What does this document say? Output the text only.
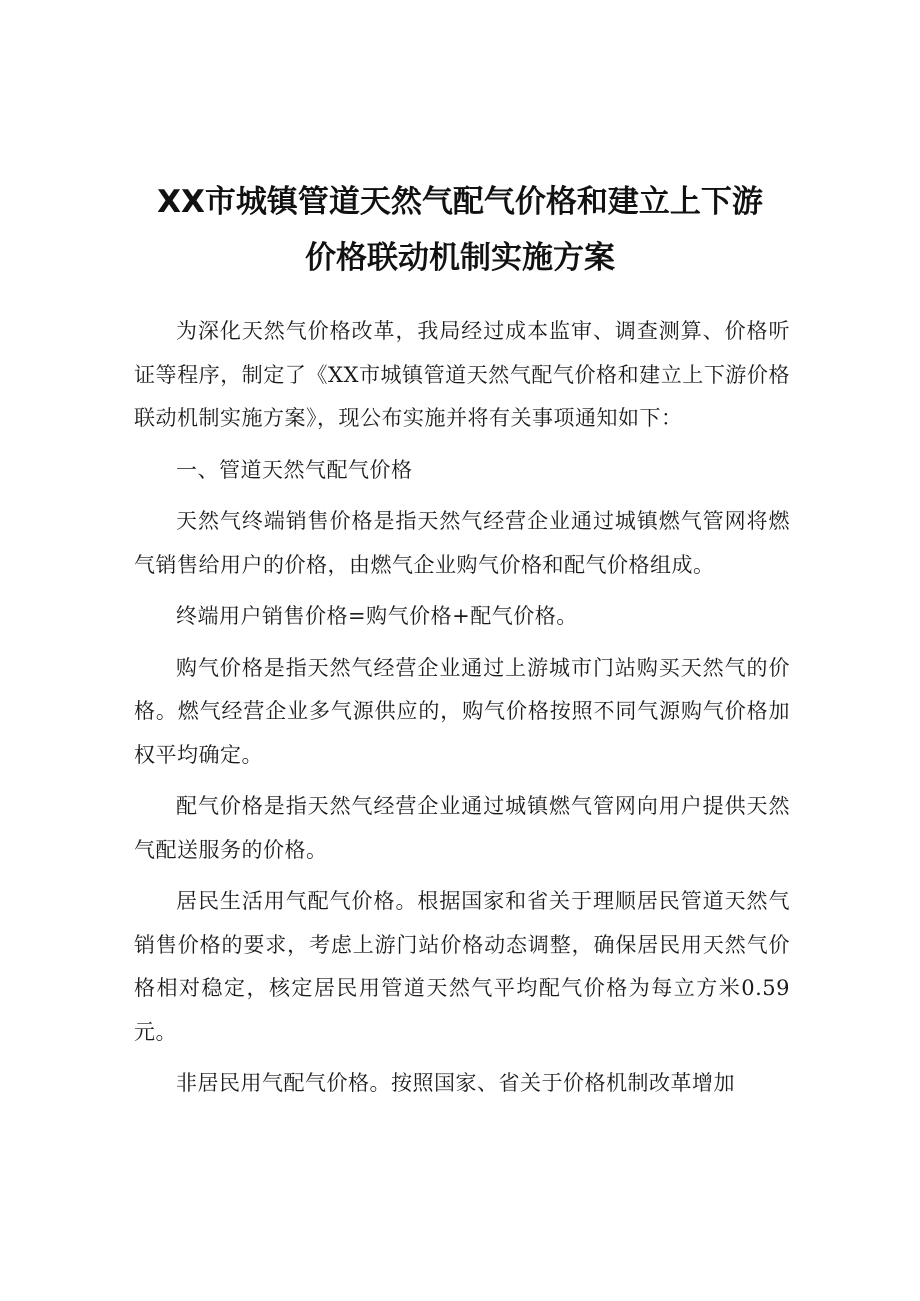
XX市城镇管道天然气配气价格和建立上下游
价格联动机制实施方案

为深化天然气价格改革，我局经过成本监审、调查测算、价格听证等程序，制定了《XX市城镇管道天然气配气价格和建立上下游价格联动机制实施方案》，现公布实施并将有关事项通知如下：

一、管道天然气配气价格

天然气终端销售价格是指天然气经营企业通过城镇燃气管网将燃气销售给用户的价格，由燃气企业购气价格和配气价格组成。

终端用户销售价格=购气价格+配气价格。

购气价格是指天然气经营企业通过上游城市门站购买天然气的价格。燃气经营企业多气源供应的，购气价格按照不同气源购气价格加权平均确定。

配气价格是指天然气经营企业通过城镇燃气管网向用户提供天然气配送服务的价格。

居民生活用气配气价格。根据国家和省关于理顺居民管道天然气销售价格的要求，考虑上游门站价格动态调整，确保居民用天然气价格相对稳定，核定居民用管道天然气平均配气价格为每立方米0.59元。

非居民用气配气价格。按照国家、省关于价格机制改革增加
